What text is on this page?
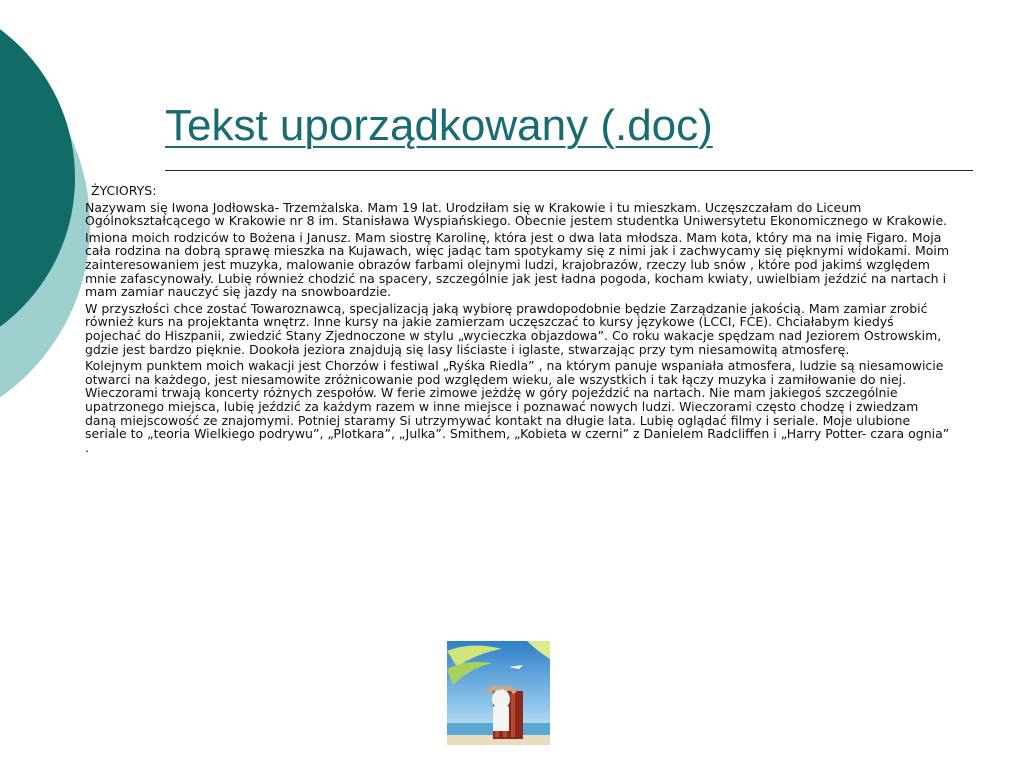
Tekst uporządkowany (.doc)

ŻYCIORYS:

Nazywam się Iwona Jodłowska- Trzemżalska. Mam 19 lat. Urodziłam się w Krakowie i tu mieszkam. Uczęszczałam do Liceum Ogólnokształcącego w Krakowie nr 8 im. Stanisława Wyspiańskiego. Obecnie jestem studentka Uniwersytetu Ekonomicznego w Krakowie.

Imiona moich rodziców to Bożena i Janusz. Mam siostrę Karolinę, która jest o dwa lata młodsza. Mam kota, który ma na imię Figaro. Moja cała rodzina na dobrą sprawę mieszka na Kujawach, więc jadąc tam spotykamy się z nimi jak i zachwycamy się pięknymi widokami. Moim zainteresowaniem jest muzyka, malowanie obrazów farbami olejnymi ludzi, krajobrazów, rzeczy lub snów , które pod jakimś względem mnie zafascynowały. Lubię również chodzić na spacery, szczególnie jak jest ładna pogoda, kocham kwiaty, uwielbiam jeździć na nartach i mam zamiar nauczyć się jazdy na snowboardzie.

W przyszłości chce zostać Towaroznawcą, specjalizacją jaką wybiorę prawdopodobnie będzie Zarządzanie jakością. Mam zamiar zrobić również kurs na projektanta wnętrz. Inne kursy na jakie zamierzam uczęszczać to kursy językowe (LCCI, FCE). Chciałabym kiedyś pojechać do Hiszpanii, zwiedzić Stany Zjednoczone w stylu „wycieczka objazdowa”. Co roku wakacje spędzam nad Jeziorem Ostrowskim, gdzie jest bardzo pięknie. Dookoła jeziora znajdują się lasy liściaste i iglaste, stwarzając przy tym niesamowitą atmosferę.

Kolejnym punktem moich wakacji jest Chorzów i festiwal „Ryśka Riedla” , na którym panuje wspaniała atmosfera, ludzie są niesamowicie otwarci na każdego, jest niesamowite zróżnicowanie pod względem wieku, ale wszystkich i tak łączy muzyka i zamiłowanie do niej. Wieczorami trwają koncerty różnych zespołów. W ferie zimowe jeżdżę w góry pojeździć na nartach. Nie mam jakiegoś szczególnie upatrzonego miejsca, lubię jeździć za każdym razem w inne miejsce i poznawać nowych ludzi. Wieczorami często chodzę i zwiedzam daną miejscowość ze znajomymi. Potniej staramy Si utrzymywać kontakt na długie lata. Lubię oglądać filmy i seriale. Moje ulubione seriale to „teoria Wielkiego podrywu”, „Plotkara”, „Julka”. Smithem, „Kobieta w czerni” z Danielem Radcliffen i „Harry Potter- czara ognia” .
